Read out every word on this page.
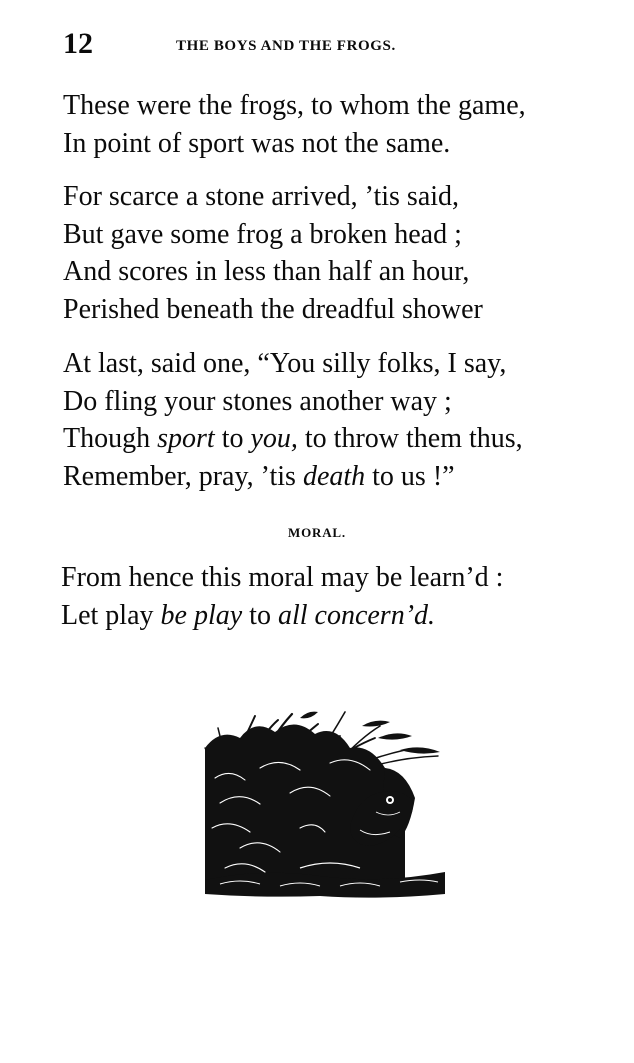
12	THE BOYS AND THE FROGS.
These were the frogs, to whom the game,
In point of sport was not the same.
For scarce a stone arrived, ’tis said,
But gave some frog a broken head ;
And scores in less than half an hour,
Perished beneath the dreadful shower
At last, said one, “You silly folks, I say,
Do fling your stones another way ;
Though sport to you, to throw them thus,
Remember, pray, ’tis death to us !”
MORAL.
From hence this moral may be learn’d :
Let play be play to all concern’d.
